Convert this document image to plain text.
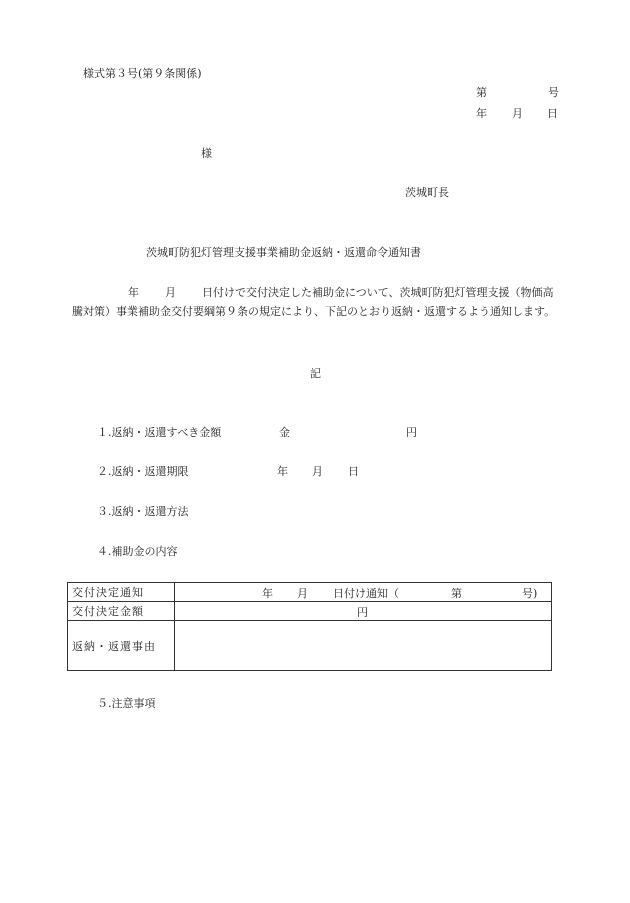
様式第３号(第９条関係)
第	号
年 月 日
様
茨城町長
茨城町防犯灯管理支援事業補助金返納・返還命令通知書
年 月 日付けで交付決定した補助金について、茨城町防犯灯管理支援（物価高騰対策）事業補助金交付要綱第９条の規定により、下記のとおり返納・返還するよう通知します。
記
１.返納・返還すべき金額	金	円
２.返納・返還期限	年 月 日
３.返納・返還方法
４.補助金の内容
交付決定通知	年 月 日付け通知（ 第 号)

交付決定金額	円

返納・返還事由	
５.注意事項
